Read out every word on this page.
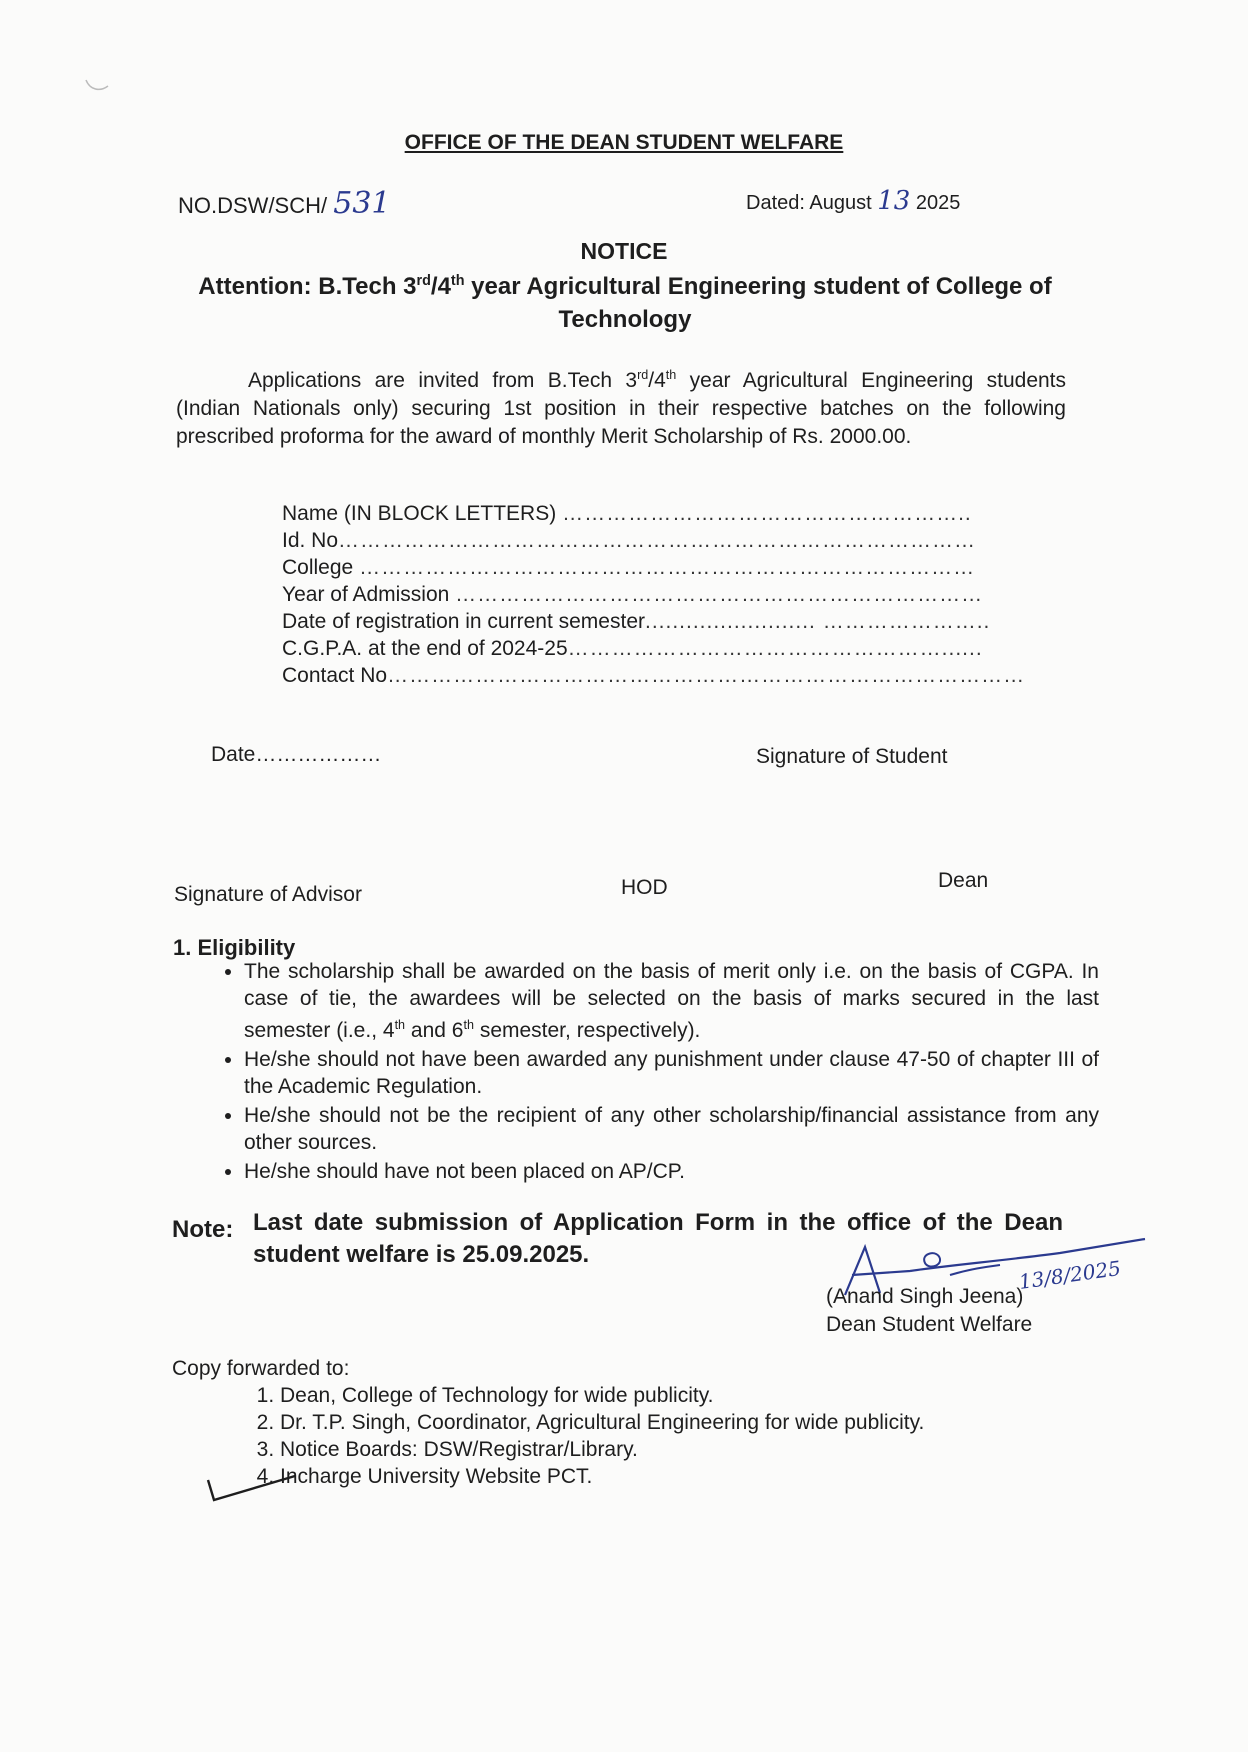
OFFICE OF THE DEAN STUDENT WELFARE
NO.DSW/SCH/ 531	Dated: August 13 2025
NOTICE
Attention: B.Tech 3rd/4th year Agricultural Engineering student of College of Technology
Applications are invited from B.Tech 3rd/4th year Agricultural Engineering students (Indian Nationals only) securing 1st position in their respective batches on the following prescribed proforma for the award of monthly Merit Scholarship of Rs. 2000.00.
1. Name (IN BLOCK LETTERS) ………………………………………………..
2. Id. No……………………………………………………………………………
3. College …………………………………………………………………………
4. Year of Admission ………………………………………………………………
5. Date of registration in current semester......................... …………………..
6. C.G.P.A. at the end of 2024-25……………………………………………......
7. Contact No……………………………………………………………………………
Date………………	Signature of Student
Signature of Advisor	HOD	Dean
1. Eligibility
• The scholarship shall be awarded on the basis of merit only i.e. on the basis of CGPA. In case of tie, the awardees will be selected on the basis of marks secured in the last semester (i.e., 4th and 6th semester, respectively).
• He/she should not have been awarded any punishment under clause 47-50 of chapter III of the Academic Regulation.
• He/she should not be the recipient of any other scholarship/financial assistance from any other sources.
• He/she should have not been placed on AP/CP.
Note: Last date submission of Application Form in the office of the Dean student welfare is 25.09.2025.
13/8/2025
(Anand Singh Jeena)
Dean Student Welfare
Copy forwarded to:
1. Dean, College of Technology for wide publicity.
2. Dr. T.P. Singh, Coordinator, Agricultural Engineering for wide publicity.
3. Notice Boards: DSW/Registrar/Library.
4. Incharge University Website PCT.
